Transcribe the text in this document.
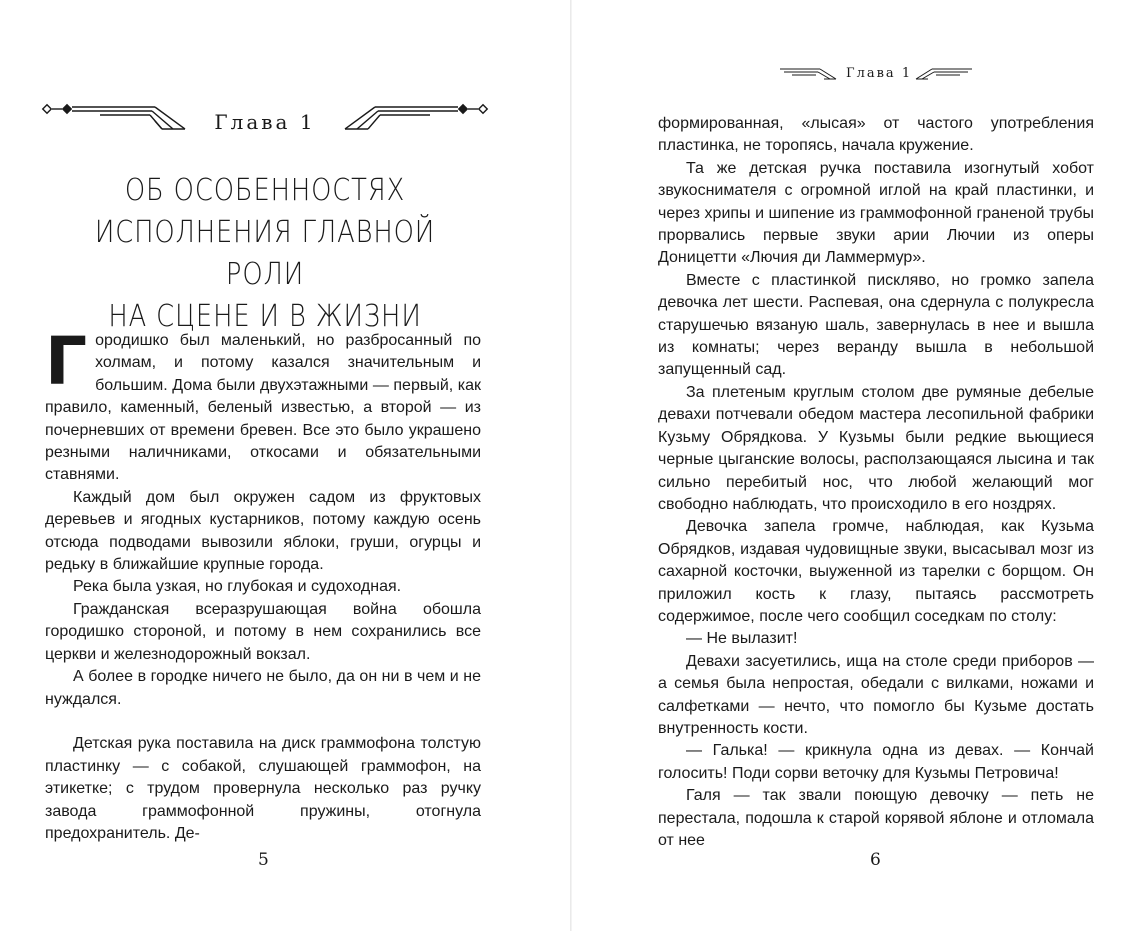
Глава 1
ОБ ОСОБЕННОСТЯХ
ИСПОЛНЕНИЯ ГЛАВНОЙ РОЛИ
НА СЦЕНЕ И В ЖИЗНИ

Городишко был маленький, но разбросанный по холмам, и потому казался значительным и большим. Дома были двухэтажными — первый, как правило, каменный, беленый известью, а второй — из почерневших от времени бревен. Все это было украшено резными наличниками, откосами и обязательными ставнями.

Каждый дом был окружен садом из фруктовых деревьев и ягодных кустарников, потому каждую осень отсюда подводами вывозили яблоки, груши, огурцы и редьку в ближайшие крупные города.

Река была узкая, но глубокая и судоходная.

Гражданская всеразрушающая война обошла городишко стороной, и потому в нем сохранились все церкви и железнодорожный вокзал.

А более в городке ничего не было, да он ни в чем и не нуждался.

Детская рука поставила на диск граммофона толстую пластинку — с собакой, слушающей граммофон, на этикетке; с трудом провернула несколько раз ручку завода граммофонной пружины, отогнула предохранитель. Де-

5
Глава 1

формированная, «лысая» от частого употребления пластинка, не торопясь, начала кружение.

Та же детская ручка поставила изогнутый хобот звукоснимателя с огромной иглой на край пластинки, и через хрипы и шипение из граммофонной граненой трубы прорвались первые звуки арии Лючии из оперы Доницетти «Лючия ди Ламмермур».

Вместе с пластинкой пискляво, но громко запела девочка лет шести. Распевая, она сдернула с полукресла старушечью вязаную шаль, завернулась в нее и вышла из комнаты; через веранду вышла в небольшой запущенный сад.

За плетеным круглым столом две румяные дебелые девахи потчевали обедом мастера лесопильной фабрики Кузьму Обрядкова. У Кузьмы были редкие вьющиеся черные цыганские волосы, расползающаяся лысина и так сильно перебитый нос, что любой желающий мог свободно наблюдать, что происходило в его ноздрях.

Девочка запела громче, наблюдая, как Кузьма Обрядков, издавая чудовищные звуки, высасывал мозг из сахарной косточки, выуженной из тарелки с борщом. Он приложил кость к глазу, пытаясь рассмотреть содержимое, после чего сообщил соседкам по столу:

— Не вылазит!

Девахи засуетились, ища на столе среди приборов — а семья была непростая, обедали с вилками, ножами и салфетками — нечто, что помогло бы Кузьме достать внутренность кости.

— Галька! — крикнула одна из девах. — Кончай голосить! Поди сорви веточку для Кузьмы Петровича!

Галя — так звали поющую девочку — петь не перестала, подошла к старой корявой яблоне и отломала от нее

6
